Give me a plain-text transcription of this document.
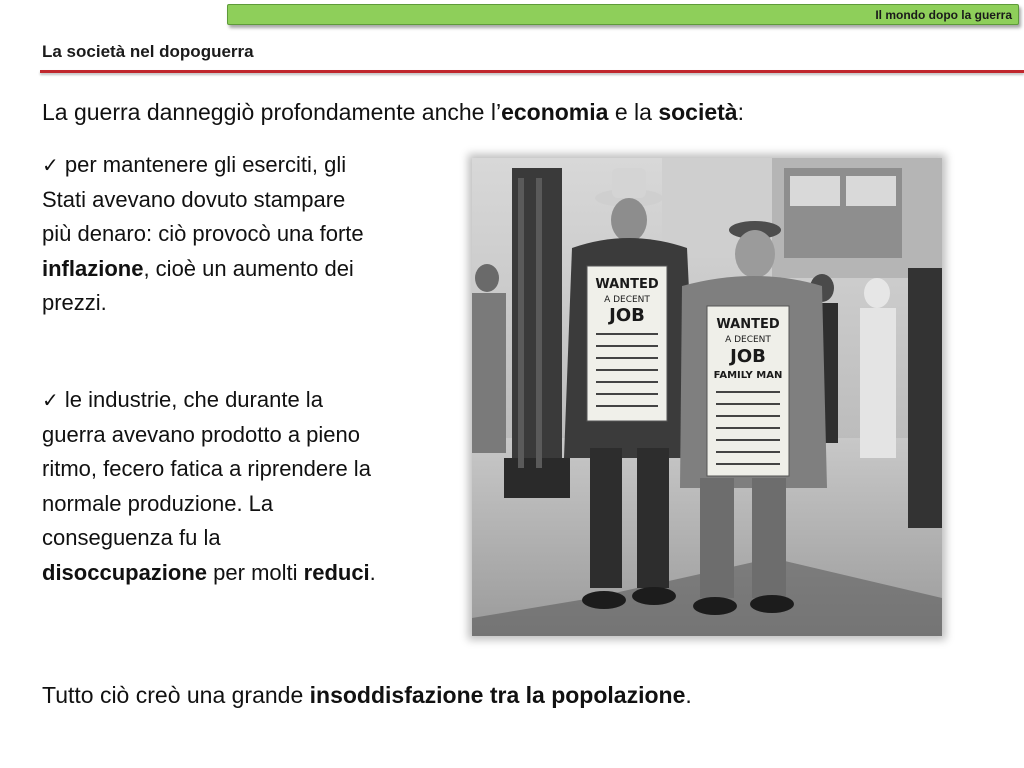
Il mondo dopo la guerra
La società nel dopoguerra
La guerra danneggiò profondamente anche l’economia e la società:
✓ per mantenere gli eserciti, gli Stati avevano dovuto stampare più denaro: ciò provocò una forte inflazione, cioè un aumento dei prezzi.
✓ le industrie, che durante la guerra avevano prodotto a pieno ritmo, fecero fatica a riprendere la normale produzione. La conseguenza fu la disoccupazione per molti reduci.
WANTED
A DECENT
JOB	WANTED
A DECENT
JOB
FAMILY MAN
Tutto ciò creò una grande insoddisfazione tra la popolazione.
